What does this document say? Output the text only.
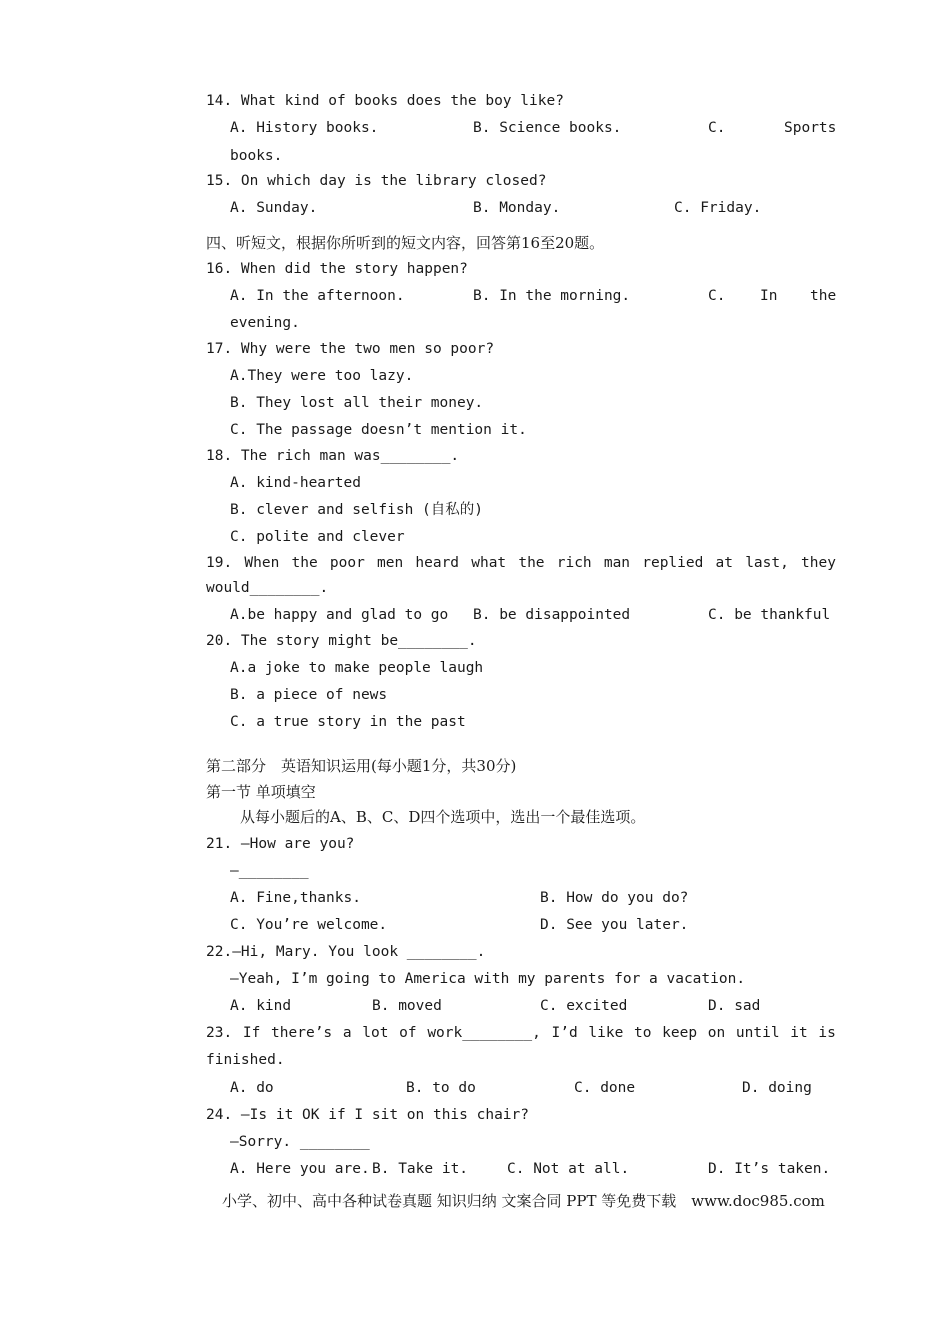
14. What kind of books does the boy like?
A. History books.	B. Science books.	C.	Sports
books.
15. On which day is the library closed?
A. Sunday.	B. Monday.	C. Friday.
四、听短文，根据你所听到的短文内容，回答第16至20题。
16. When did the story happen?
A. In the afternoon.	B. In the morning.	C. In the
evening.
17. Why were the two men so poor?
A.They were too lazy.
B. They lost all their money.
C. The passage doesn’t mention it.
18. The rich man was________.
A. kind-hearted
B. clever and selfish (自私的)
C. polite and clever
19. When the poor men heard what the rich man replied at last, they
would________.
A.be happy and glad to go B. be disappointed	C. be thankful
20. The story might be________.
A.a joke to make people laugh
B. a piece of news
C. a true story in the past
第二部分　英语知识运用(每小题1分，共30分)
第一节 单项填空
从每小题后的A、B、C、D四个选项中，选出一个最佳选项。
21. —How are you?
—________
A. Fine,thanks.	B. How do you do?
C. You’re welcome.	D. See you later.
22.—Hi, Mary. You look ________.
—Yeah, I’m going to America with my parents for a vacation.
A. kind	B. moved	C. excited	D. sad
23. If there’s a lot of work________, I’d like to keep on until it is
finished.
A. do	B. to do	C. done	D. doing
24. —Is it OK if I sit on this chair?
—Sorry. ________
A. Here you are. B. Take it.	C. Not at all.	D. It’s taken.
小学、初中、高中各种试卷真题 知识归纳 文案合同 PPT 等免费下载　www.doc985.com
